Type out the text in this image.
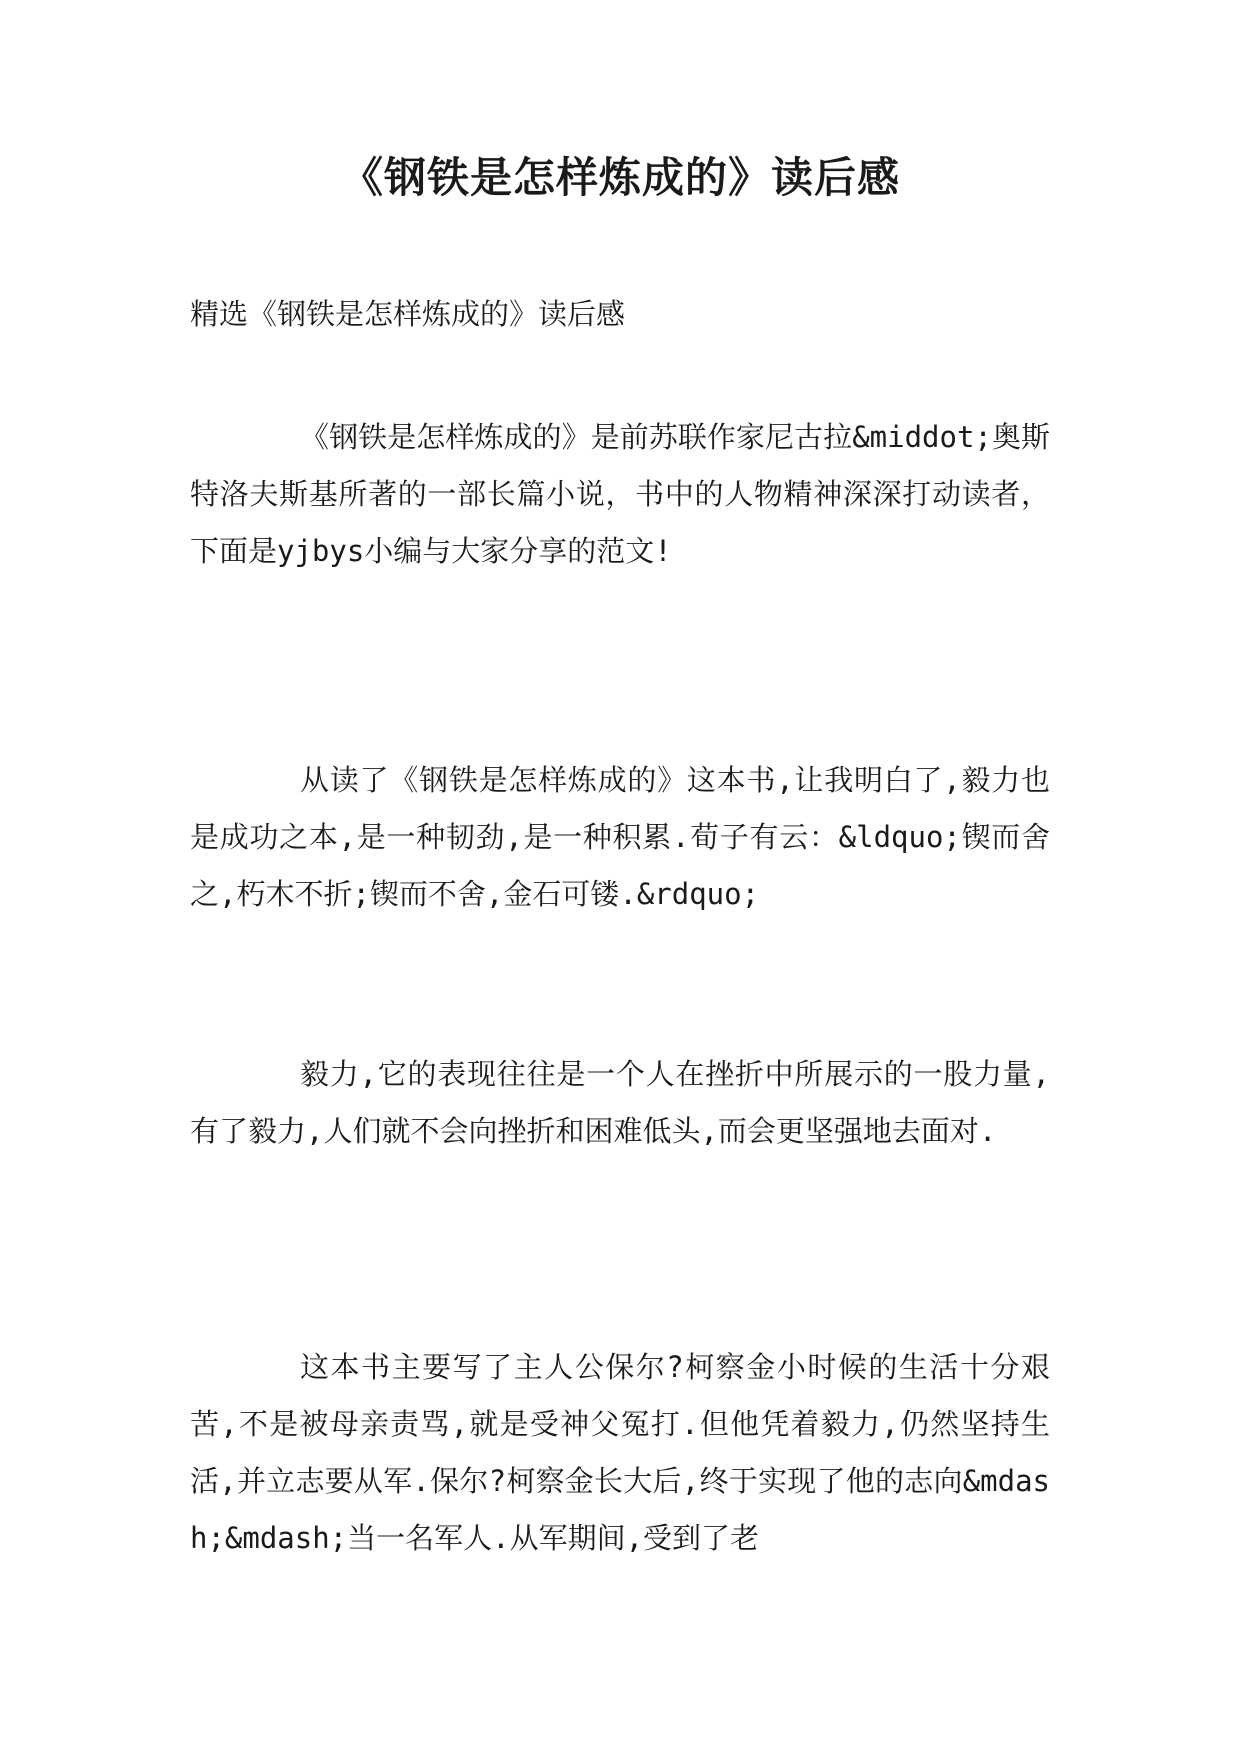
《钢铁是怎样炼成的》读后感

精选《钢铁是怎样炼成的》读后感

《钢铁是怎样炼成的》是前苏联作家尼古拉&middot;奥斯特洛夫斯基所著的一部长篇小说，书中的人物精神深深打动读者，下面是yjbys小编与大家分享的范文!

从读了《钢铁是怎样炼成的》这本书,让我明白了,毅力也是成功之本,是一种韧劲,是一种积累.荀子有云：&ldquo;锲而舍之,朽木不折;锲而不舍,金石可镂.&rdquo;

毅力,它的表现往往是一个人在挫折中所展示的一股力量,有了毅力,人们就不会向挫折和困难低头,而会更坚强地去面对.

这本书主要写了主人公保尔?柯察金小时候的生活十分艰苦,不是被母亲责骂,就是受神父冤打.但他凭着毅力,仍然坚持生活,并立志要从军.保尔?柯察金长大后,终于实现了他的志向&mdash;&mdash;当一名军人.从军期间,受到了老
